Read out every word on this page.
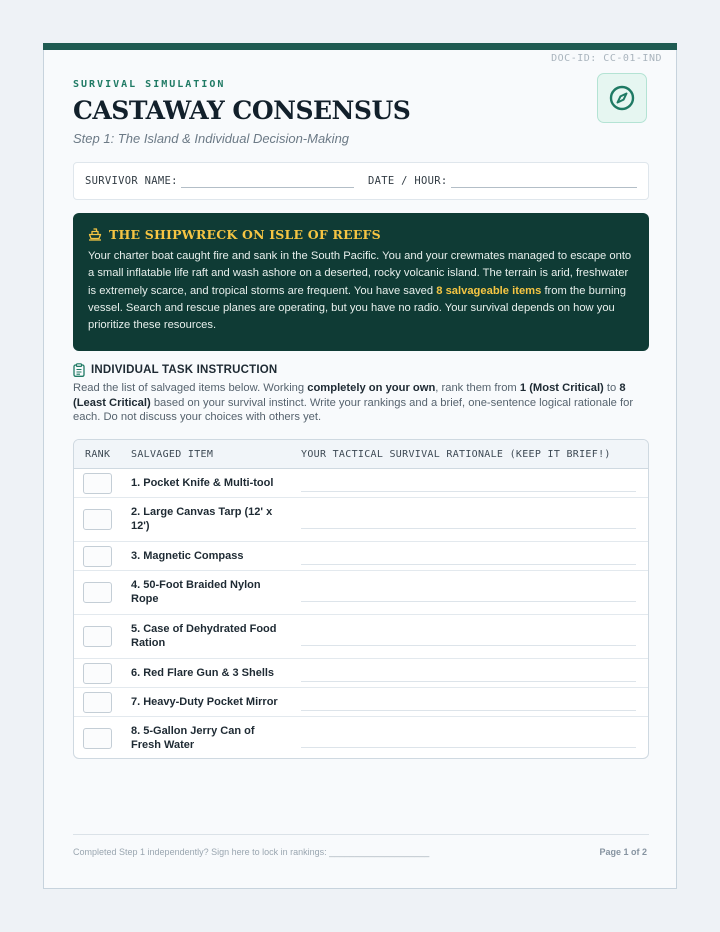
DOC-ID: CC-01-IND
SURVIVAL SIMULATION
CASTAWAY CONSENSUS
Step 1: The Island & Individual Decision-Making
SURVIVOR NAME:	DATE / HOUR:
THE SHIPWRECK ON ISLE OF REEFS
Your charter boat caught fire and sank in the South Pacific. You and your crewmates managed to escape onto a small inflatable life raft and wash ashore on a deserted, rocky volcanic island. The terrain is arid, freshwater is extremely scarce, and tropical storms are frequent. You have saved 8 salvageable items from the burning vessel. Search and rescue planes are operating, but you have no radio. Your survival depends on how you prioritize these resources.
INDIVIDUAL TASK INSTRUCTION
Read the list of salvaged items below. Working completely on your own, rank them from 1 (Most Critical) to 8 (Least Critical) based on your survival instinct. Write your rankings and a brief, one-sentence logical rationale for each. Do not discuss your choices with others yet.
RANK SALVAGED ITEM	YOUR TACTICAL SURVIVAL RATIONALE (KEEP IT BRIEF!)
1. Pocket Knife & Multi-tool
2. Large Canvas Tarp (12' x 12')
3. Magnetic Compass
4. 50-Foot Braided Nylon Rope
5. Case of Dehydrated Food Ration
6. Red Flare Gun & 3 Shells
7. Heavy-Duty Pocket Mirror
8. 5-Gallon Jerry Can of Fresh Water
Completed Step 1 independently? Sign here to lock in rankings: ____________________	Page 1 of 2
